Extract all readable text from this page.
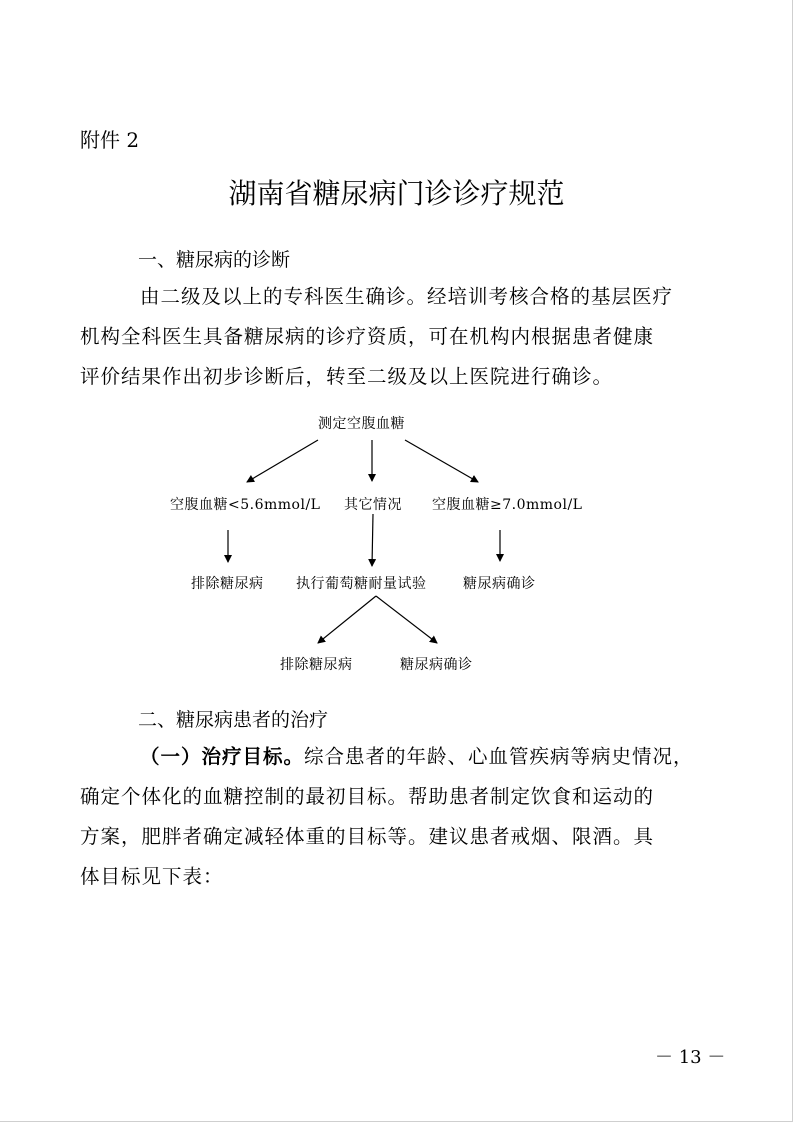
附件 2
湖南省糖尿病门诊诊疗规范
一、糖尿病的诊断
由二级及以上的专科医生确诊。经培训考核合格的基层医疗
机构全科医生具备糖尿病的诊疗资质，可在机构内根据患者健康
评价结果作出初步诊断后，转至二级及以上医院进行确诊。
测定空腹血糖
空腹血糖<5.6mmol/L 其它情况 空腹血糖≥7.0mmol/L
排除糖尿病 执行葡萄糖耐量试验	糖尿病确诊
排除糖尿病	糖尿病确诊
二、糖尿病患者的治疗
（一）治疗目标。综合患者的年龄、心血管疾病等病史情况，
确定个体化的血糖控制的最初目标。帮助患者制定饮食和运动的
方案，肥胖者确定减轻体重的目标等。建议患者戒烟、限酒。具
体目标见下表：
－ 13 －
